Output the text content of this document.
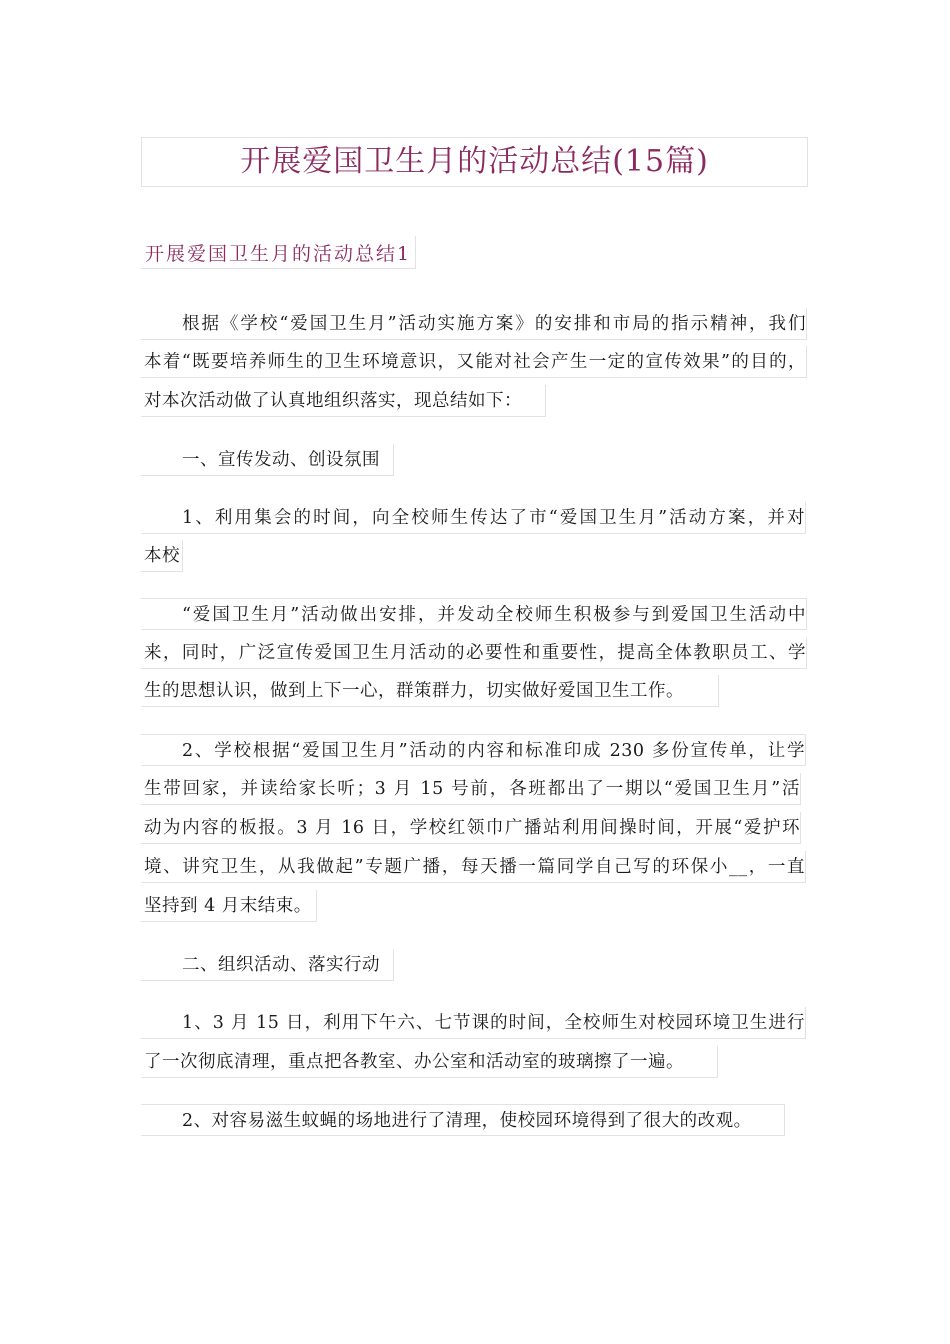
开展爱国卫生月的活动总结(15篇)
开展爱国卫生月的活动总结1
根据《学校“爱国卫生月”活动实施方案》的安排和市局的指示精神，我们
本着“既要培养师生的卫生环境意识，又能对社会产生一定的宣传效果”的目的，
对本次活动做了认真地组织落实，现总结如下：
一、宣传发动、创设氛围
1、利用集会的时间，向全校师生传达了市“爱国卫生月”活动方案，并对
本校
“爱国卫生月”活动做出安排，并发动全校师生积极参与到爱国卫生活动中
来，同时，广泛宣传爱国卫生月活动的必要性和重要性，提高全体教职员工、学
生的思想认识，做到上下一心，群策群力，切实做好爱国卫生工作。
2、学校根据“爱国卫生月”活动的内容和标准印成 230 多份宣传单，让学
生带回家，并读给家长听；3 月 15 号前，各班都出了一期以“爱国卫生月”活
动为内容的板报。3 月 16 日，学校红领巾广播站利用间操时间，开展“爱护环
境、讲究卫生，从我做起”专题广播，每天播一篇同学自己写的环保小__，一直
坚持到 4 月末结束。
二、组织活动、落实行动
1、3 月 15 日，利用下午六、七节课的时间，全校师生对校园环境卫生进行
了一次彻底清理，重点把各教室、办公室和活动室的玻璃擦了一遍。
2、对容易滋生蚊蝇的场地进行了清理，使校园环境得到了很大的改观。
